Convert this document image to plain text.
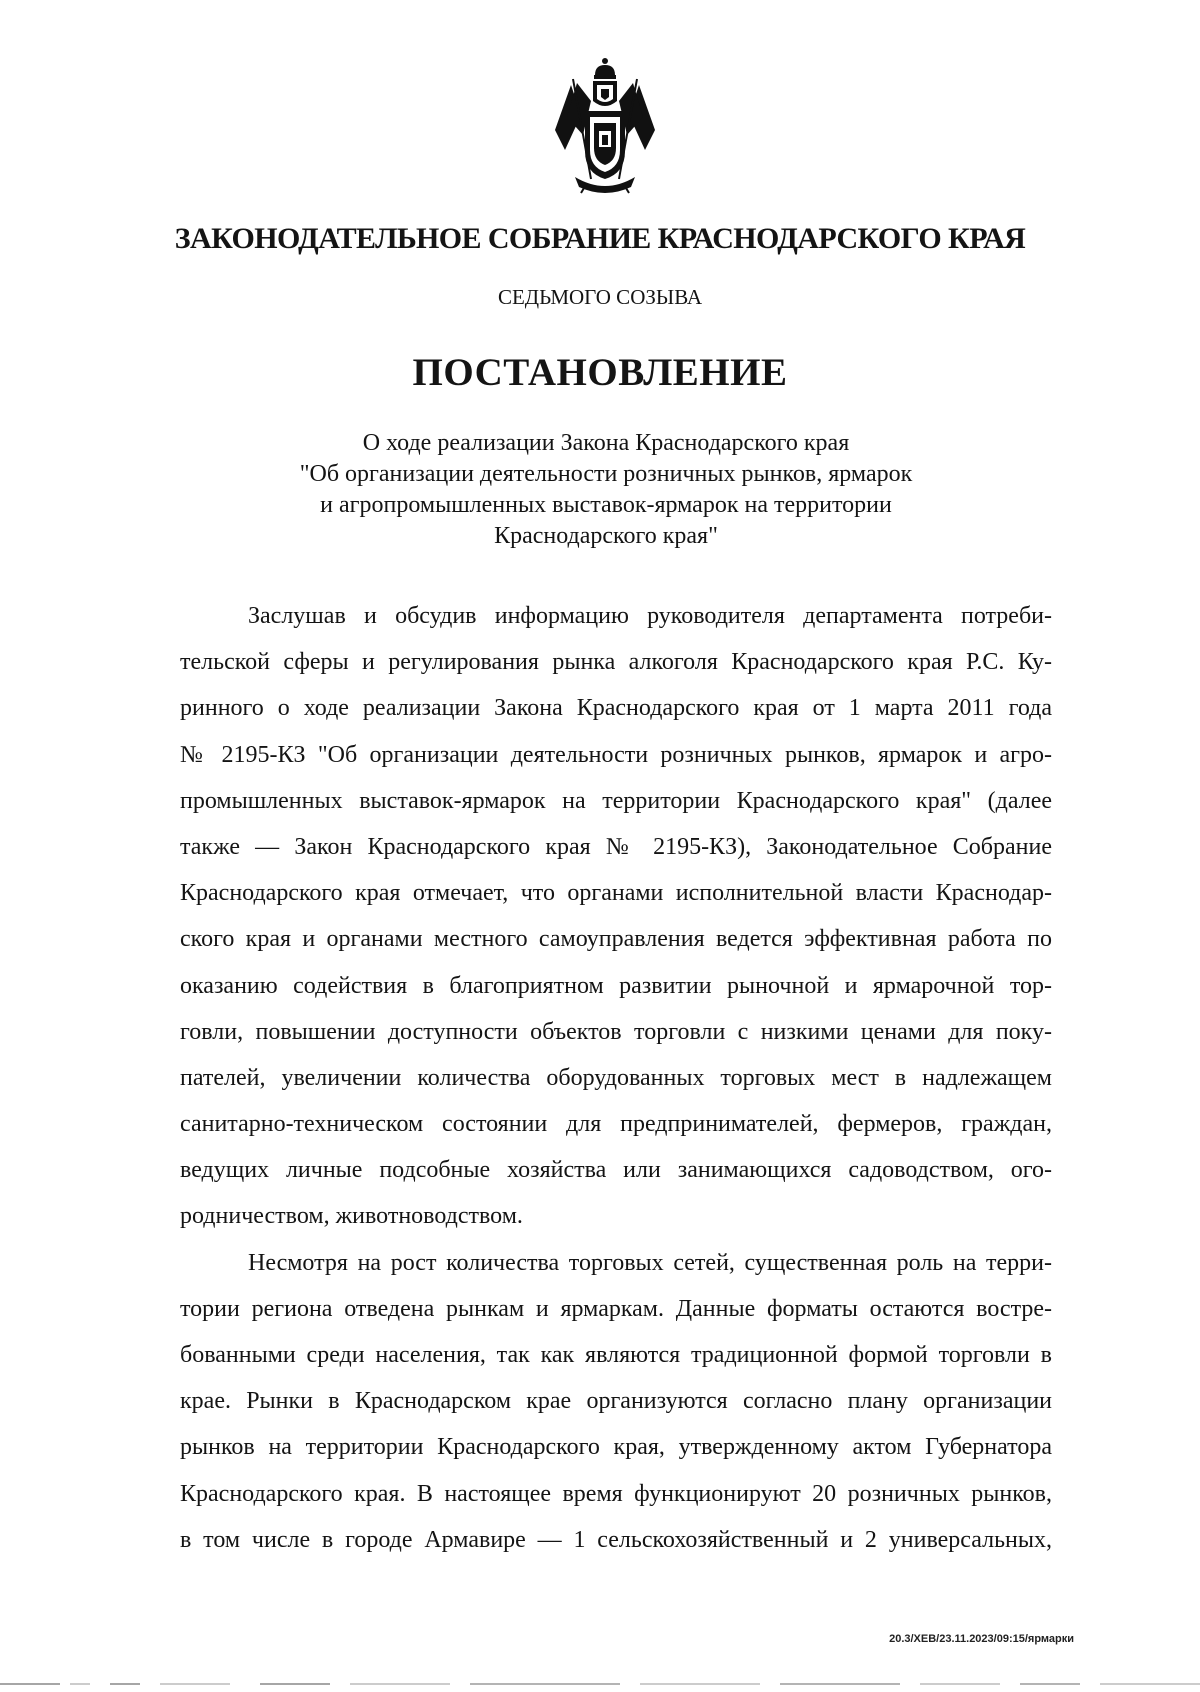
ЗАКОНОДАТЕЛЬНОЕ СОБРАНИЕ КРАСНОДАРСКОГО КРАЯ
СЕДЬМОГО СОЗЫВА
ПОСТАНОВЛЕНИЕ
О ходе реализации Закона Краснодарского края
"Об организации деятельности розничных рынков, ярмарок
и агропромышленных выставок-ярмарок на территории
Краснодарского края"
Заслушав и обсудив информацию руководителя департамента потреби-
тельской сферы и регулирования рынка алкоголя Краснодарского края Р.С. Ку-
ринного о ходе реализации Закона Краснодарского края от 1 марта 2011 года
№ 2195-КЗ "Об организации деятельности розничных рынков, ярмарок и агро-
промышленных выставок-ярмарок на территории Краснодарского края" (далее
также — Закон Краснодарского края № 2195-КЗ), Законодательное Собрание
Краснодарского края отмечает, что органами исполнительной власти Краснодар-
ского края и органами местного самоуправления ведется эффективная работа по
оказанию содействия в благоприятном развитии рыночной и ярмарочной тор-
говли, повышении доступности объектов торговли с низкими ценами для поку-
пателей, увеличении количества оборудованных торговых мест в надлежащем
санитарно-техническом состоянии для предпринимателей, фермеров, граждан,
ведущих личные подсобные хозяйства или занимающихся садоводством, ого-
родничеством, животноводством.
Несмотря на рост количества торговых сетей, существенная роль на терри-
тории региона отведена рынкам и ярмаркам. Данные форматы остаются востре-
бованными среди населения, так как являются традиционной формой торговли в
крае. Рынки в Краснодарском крае организуются согласно плану организации
рынков на территории Краснодарского края, утвержденному актом Губернатора
Краснодарского края. В настоящее время функционируют 20 розничных рынков,
в том числе в городе Армавире — 1 сельскохозяйственный и 2 универсальных,
20.3/ХЕВ/23.11.2023/09:15/ярмарки
